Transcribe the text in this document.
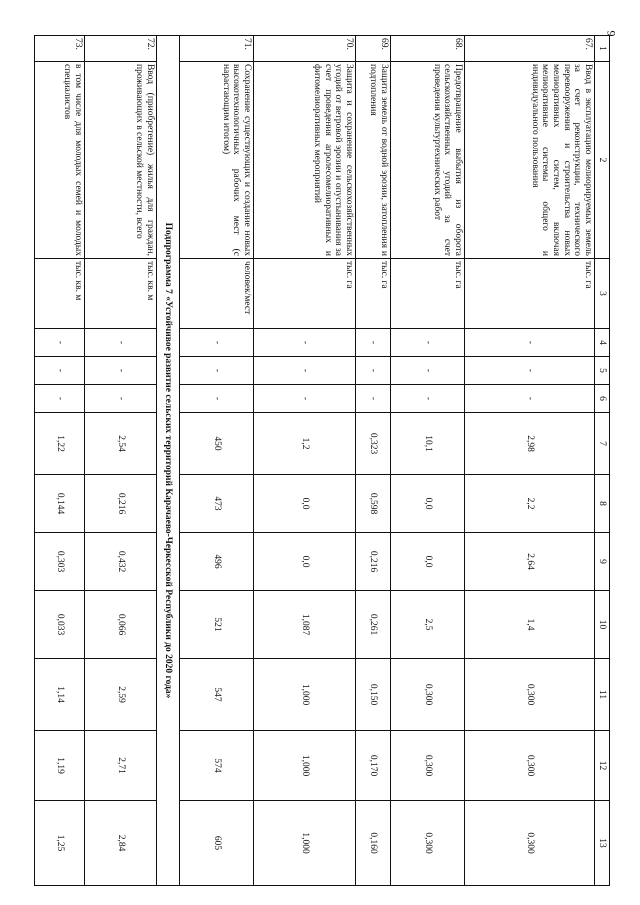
9
1	2	3	4	5	6	7	8	9	10	11	12	13
67.	Ввод в эксплуатацию мелиорируемых земель за счет реконструкции, технического перевооружения и строительства новых мелиоративных систем, включая мелиоративные системы общего и индивидуального пользования	тыс. га	-	-	-	2,98	2,2	2,64	1,4	0,300	0,300	0,300
68.	Предотвращение выбытия из оборота сельскохозяйственных угодий за счет проведения культуртехнических работ	тыс. га	-	-	-	10,1	0,0	0,0	2,5	0,300	0,300	0,300
69.	Защита земель от водной эрозии, затопления и подтопления	тыс. га	-	-	-	0,323	0,598	0,216	0,261	0,150	0,170	0,160
70.	Защита и сохранение сельскохозяйственных угодий от ветровой эрозии и опустынивания за счет проведения агролесомелиоративных и фитомелиоративных мероприятий	тыс. га	-	-	-	1,2	0,0	0,0	1,087	1,000	1,000	1,000
71.	Сохранение существующих и создание новых высокотехнологичных рабочих мест (с нарастающим итогом)	человек/мест	-	-	-	450	473	496	521	547	574	605
Подпрограмма 7 «Устойчивое развитие сельских территорий Карачаево-Черкесской Республики до 2020 года»												
72.	Ввод (приобретение) жилья для граждан, проживающих в сельской местности, всего	тыс. кв. м	-	-	-	2,54	0,216	0,432	0,066	2,59	2,71	2,84
73.	в том числе для молодых семей и молодых специалистов	тыс. кв. м	-	-	-	1,22	0,144	0,303	0,033	1,14	1,19	1,25
